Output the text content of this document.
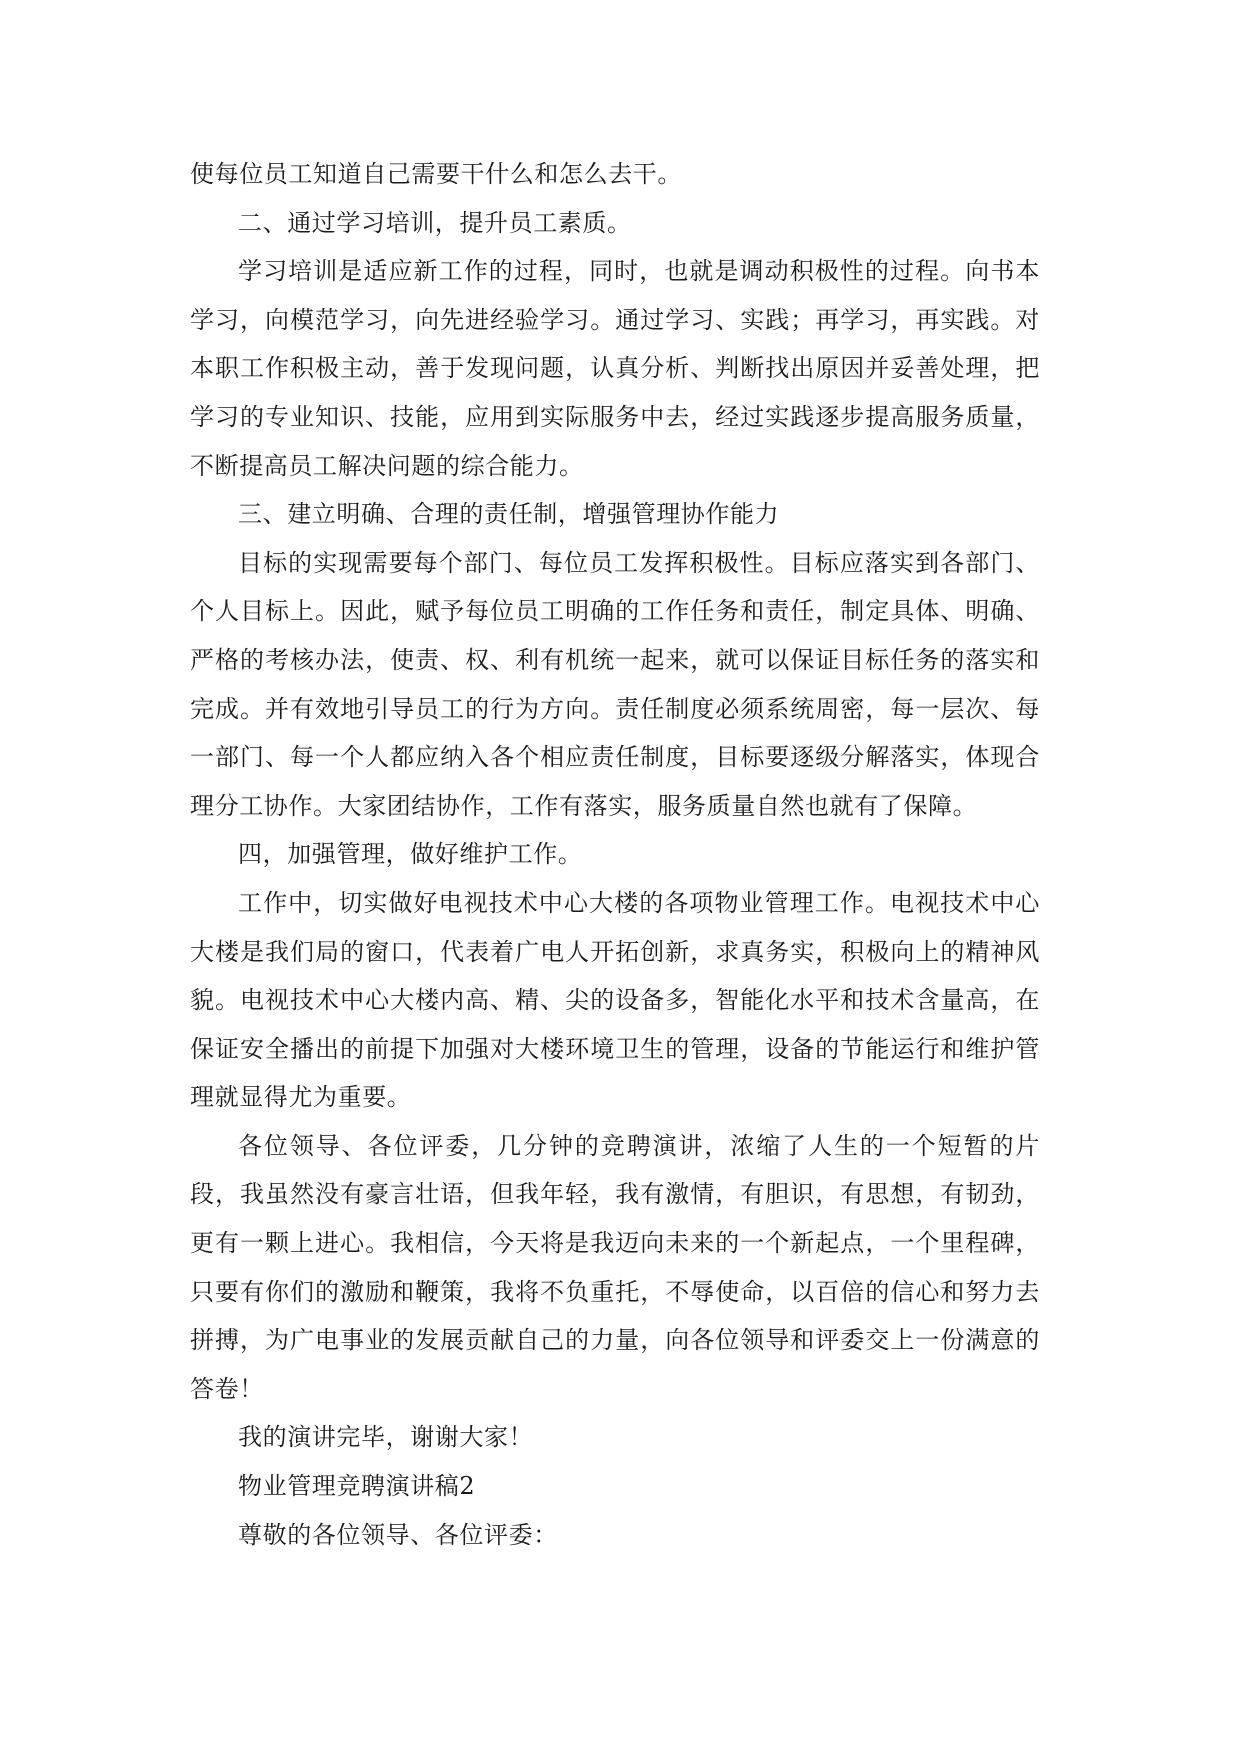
使每位员工知道自己需要干什么和怎么去干。

二、通过学习培训，提升员工素质。

学习培训是适应新工作的过程，同时，也就是调动积极性的过程。向书本学习，向模范学习，向先进经验学习。通过学习、实践；再学习，再实践。对本职工作积极主动，善于发现问题，认真分析、判断找出原因并妥善处理，把学习的专业知识、技能，应用到实际服务中去，经过实践逐步提高服务质量，不断提高员工解决问题的综合能力。

三、建立明确、合理的责任制，增强管理协作能力

目标的实现需要每个部门、每位员工发挥积极性。目标应落实到各部门、个人目标上。因此，赋予每位员工明确的工作任务和责任，制定具体、明确、严格的考核办法，使责、权、利有机统一起来，就可以保证目标任务的落实和完成。并有效地引导员工的行为方向。责任制度必须系统周密，每一层次、每一部门、每一个人都应纳入各个相应责任制度，目标要逐级分解落实，体现合理分工协作。大家团结协作，工作有落实，服务质量自然也就有了保障。

四，加强管理，做好维护工作。

工作中，切实做好电视技术中心大楼的各项物业管理工作。电视技术中心大楼是我们局的窗口，代表着广电人开拓创新，求真务实，积极向上的精神风貌。电视技术中心大楼内高、精、尖的设备多，智能化水平和技术含量高，在保证安全播出的前提下加强对大楼环境卫生的管理，设备的节能运行和维护管理就显得尤为重要。

各位领导、各位评委，几分钟的竞聘演讲，浓缩了人生的一个短暂的片段，我虽然没有豪言壮语，但我年轻，我有激情，有胆识，有思想，有韧劲，更有一颗上进心。我相信，今天将是我迈向未来的一个新起点，一个里程碑，只要有你们的激励和鞭策，我将不负重托，不辱使命，以百倍的信心和努力去拼搏，为广电事业的发展贡献自己的力量，向各位领导和评委交上一份满意的答卷！

我的演讲完毕，谢谢大家！

物业管理竞聘演讲稿2

尊敬的各位领导、各位评委：
